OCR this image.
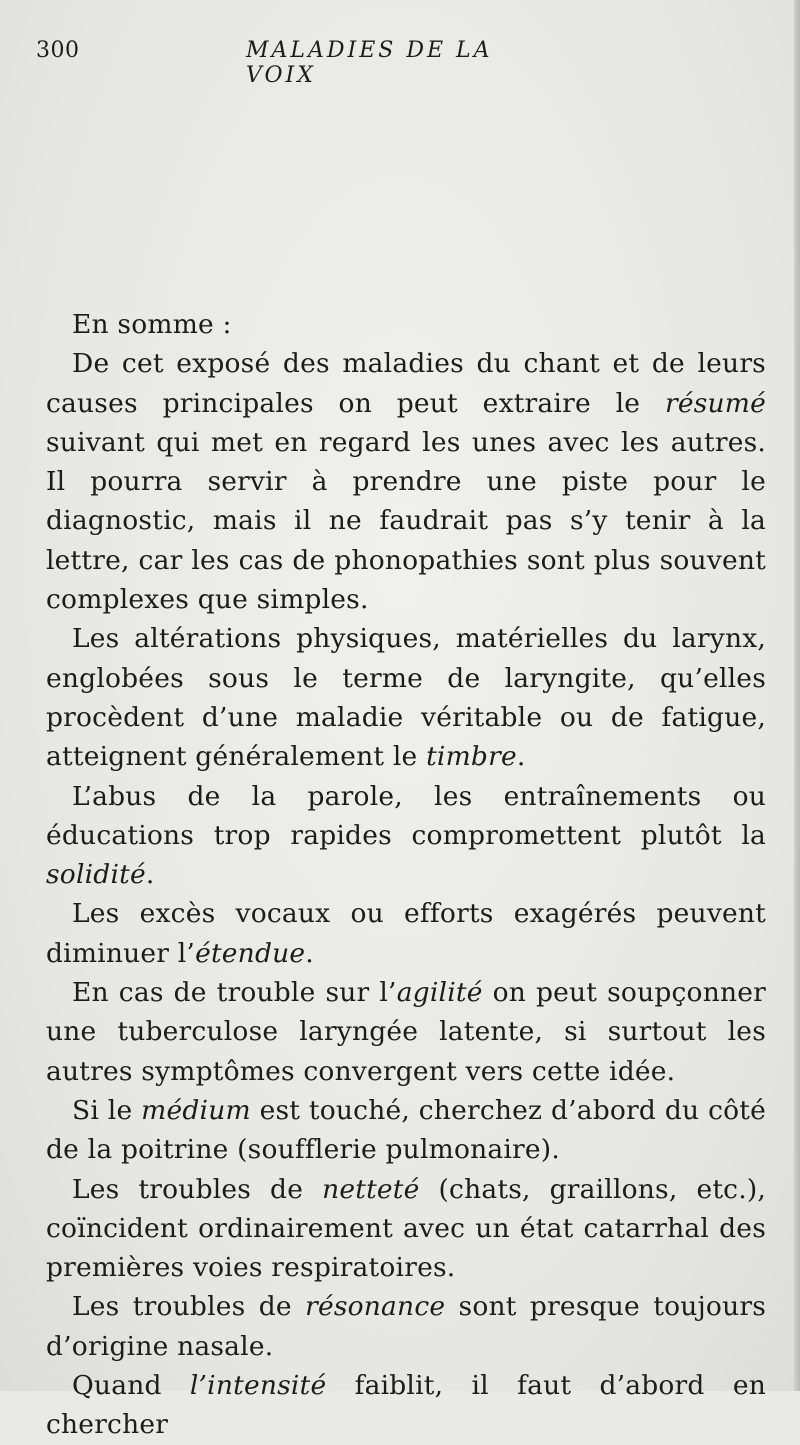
300	MALADIES DE LA VOIX

En somme :

De cet exposé des maladies du chant et de leurs causes principales on peut extraire le résumé suivant qui met en regard les unes avec les autres. Il pourra servir à prendre une piste pour le diagnostic, mais il ne faudrait pas s’y tenir à la lettre, car les cas de phonopathies sont plus souvent complexes que simples.

Les altérations physiques, matérielles du larynx, englobées sous le terme de laryngite, qu’elles procèdent d’une maladie véritable ou de fatigue, atteignent généralement le timbre.

L’abus de la parole, les entraînements ou éducations trop rapides compromettent plutôt la solidité.

Les excès vocaux ou efforts exagérés peuvent diminuer l’étendue.

En cas de trouble sur l’agilité on peut soupçonner une tuberculose laryngée latente, si surtout les autres symptômes convergent vers cette idée.

Si le médium est touché, cherchez d’abord du côté de la poitrine (soufflerie pulmonaire).

Les troubles de netteté (chats, graillons, etc.), coïncident ordinairement avec un état catarrhal des premières voies respiratoires.

Les troubles de résonance sont presque toujours d’origine nasale.

Quand l’intensité faiblit, il faut d’abord en chercher
